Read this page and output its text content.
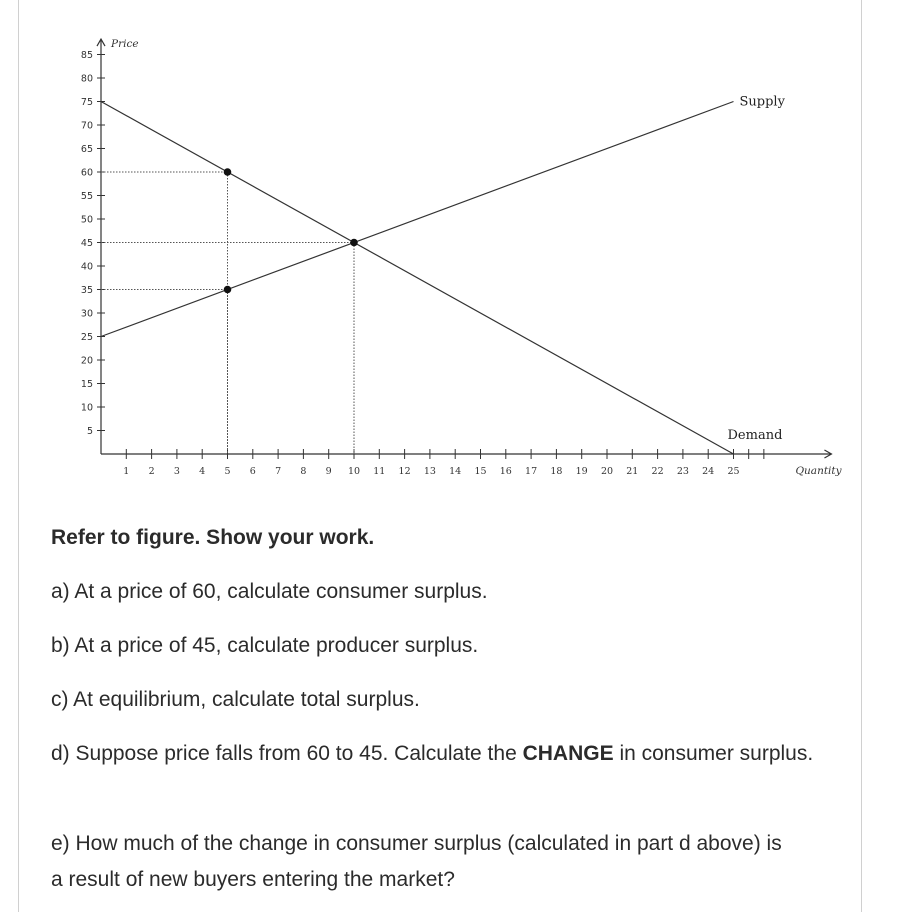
5
10
15
20
25
30
35
40
45
50
55
60
65
70
75
80
85
1 2 3 4 5 6 7 8 9 10 11 12 13 14 15 16 17 18 19 20 21 22 23 24 25
Price
Quantity
Supply
Demand
Refer to figure. Show your work.
a) At a price of 60, calculate consumer surplus.
b) At a price of 45, calculate producer surplus.
c) At equilibrium, calculate total surplus.
d) Suppose price falls from 60 to 45. Calculate the CHANGE in consumer surplus.
e) How much of the change in consumer surplus (calculated in part d above) is a result of new buyers entering the market?
